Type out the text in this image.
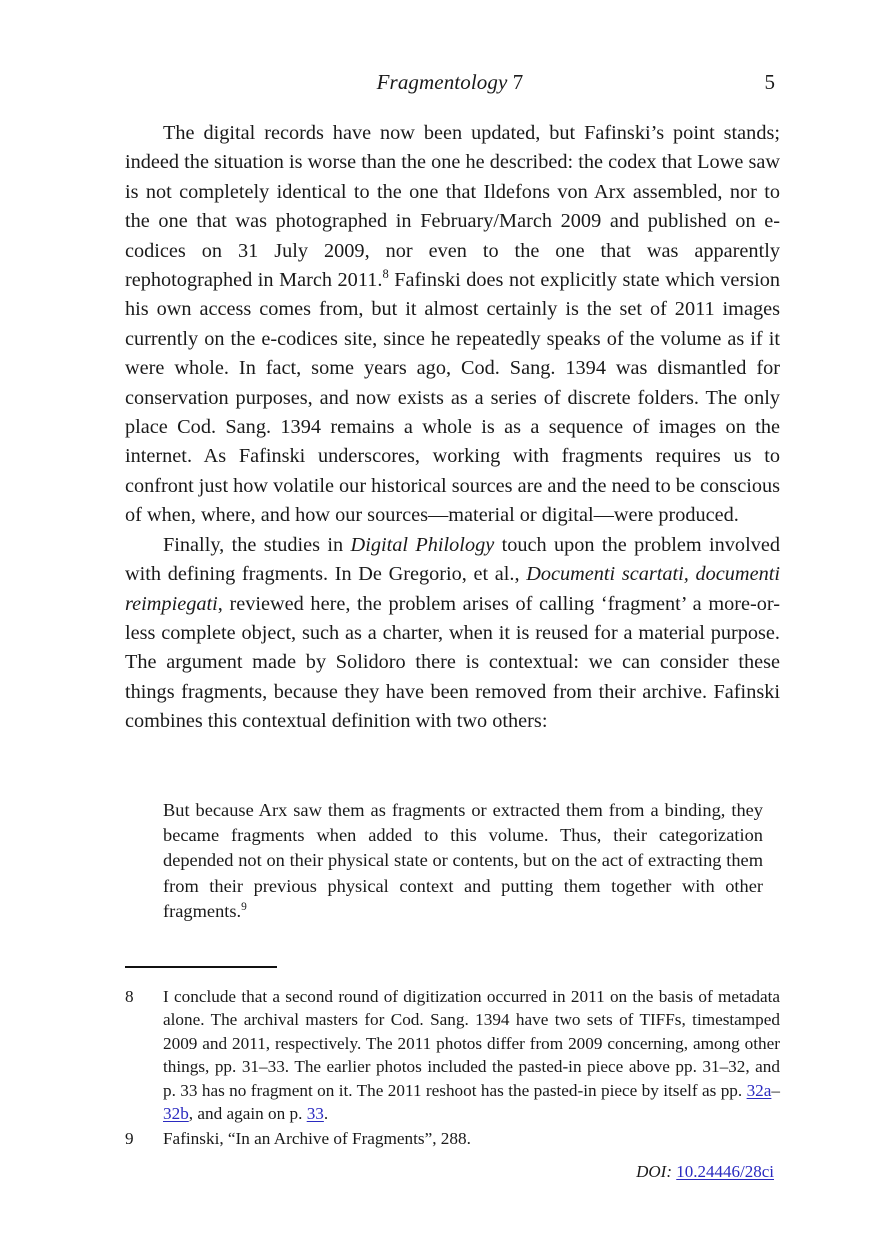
Fragmentology 7	5

The digital records have now been updated, but Fafinski’s point stands; indeed the situation is worse than the one he described: the codex that Lowe saw is not completely identical to the one that Ildefons von Arx assembled, nor to the one that was photographed in February/March 2009 and published on e-codices on 31 July 2009, nor even to the one that was apparently rephotographed in March 2011.$^8$ Fafinski does not explicitly state which version his own access comes from, but it almost certainly is the set of 2011 images currently on the e-codices site, since he repeatedly speaks of the volume as if it were whole. In fact, some years ago, Cod. Sang. 1394 was dismantled for conservation purposes, and now exists as a series of discrete folders. The only place Cod. Sang. 1394 remains a whole is as a sequence of images on the internet. As Fafinski underscores, working with fragments requires us to confront just how volatile our historical sources are and the need to be conscious of when, where, and how our sources—material or digital—were produced.

Finally, the studies in Digital Philology touch upon the problem involved with defining fragments. In De Gregorio, et al., Documenti scartati, documenti reimpiegati, reviewed here, the problem arises of calling ‘fragment’ a more-or-less complete object, such as a charter, when it is reused for a material purpose. The argument made by Solidoro there is contextual: we can consider these things fragments, because they have been removed from their archive. Fafinski combines this contextual definition with two others:

But because Arx saw them as fragments or extracted them from a binding, they became fragments when added to this volume. Thus, their categorization depended not on their physical state or contents, but on the act of extracting them from their previous physical context and putting them together with other fragments.$^9$

8	I conclude that a second round of digitization occurred in 2011 on the basis of metadata alone. The archival masters for Cod. Sang. 1394 have two sets of TIFFs, timestamped 2009 and 2011, respectively. The 2011 photos differ from 2009 concerning, among other things, pp. 31–33. The earlier photos included the pasted-in piece above pp. 31–32, and p. 33 has no fragment on it. The 2011 reshoot has the pasted-in piece by itself as pp. 32a–32b, and again on p. 33.
9	Fafinski, “In an Archive of Fragments”, 288.
DOI: 10.24446/28ci
